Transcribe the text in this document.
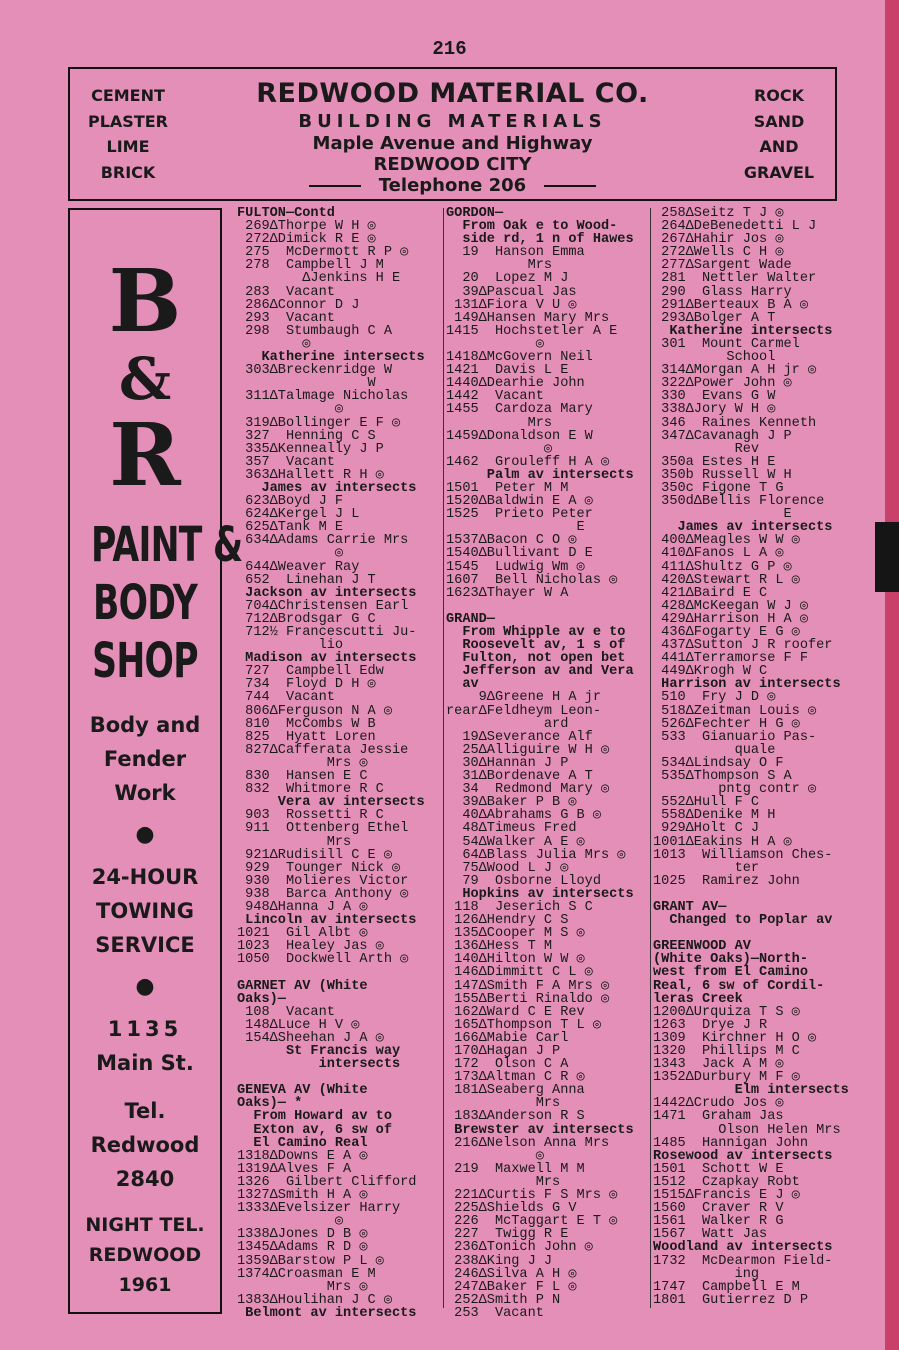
216
CEMENT
PLASTER
LIME
BRICK
REDWOOD MATERIAL CO.
BUILDING MATERIALS
Maple Avenue and Highway
REDWOOD CITY
Telephone 206
ROCK
SAND
AND
GRAVEL
B
&
R
PAINT &
BODY
SHOP
Body and
Fender
Work
●
24-HOUR
TOWING
SERVICE
●
1135
Main St.
Tel. Redwood
2840
NIGHT TEL.
REDWOOD 1961
FULTON—Contd
269ΔThorpe W H ◎
272ΔDimick R E ◎
275  McDermott R P ◎
278  Campbell J M
ΔJenkins H E
283  Vacant
286ΔConnor D J
293  Vacant
298  Stumbaugh C A
◎
Katherine intersects
303ΔBreckenridge W
W
311ΔTalmage Nicholas
◎
319ΔBollinger E F ◎
327  Henning C S
335ΔKenneally J P
357  Vacant
363ΔHallett R H ◎
James av intersects
623ΔBoyd J F
624ΔKergel J L
625ΔTank M E
634ΔAdams Carrie Mrs
◎
644ΔWeaver Ray
652  Linehan J T
Jackson av intersects
704ΔChristensen Earl
712ΔBrodsgar G C
712½ Francescutti Ju-
lio
Madison av intersects
727  Campbell Edw
734  Floyd D H ◎
744  Vacant
806ΔFerguson N A ◎
810  McCombs W B
825  Hyatt Loren
827ΔCafferata Jessie
Mrs ◎
830  Hansen E C
832  Whitmore R C
Vera av intersects
903  Rossetti R C
911  Ottenberg Ethel
Mrs
921ΔRudisill C E ◎
929  Tounger Nick ◎
930  Molieres Victor
938  Barca Anthony ◎
948ΔHanna J A ◎
Lincoln av intersects
1021  Gil Albt ◎
1023  Healey Jas ◎
1050  Dockwell Arth ◎
GARNET AV (White
Oaks)—
108  Vacant
148ΔLuce H V ◎
154ΔSheehan J A ◎
St Francis way
intersects
GENEVA AV (White
Oaks)— *
From Howard av to
Exton av, 6 sw of
El Camino Real
1318ΔDowns E A ◎
1319ΔAlves F A
1326  Gilbert Clifford
1327ΔSmith H A ◎
1333ΔEvelsizer Harry
◎
1338ΔJones D B ◎
1345ΔAdams R D ◎
1359ΔBarstow P L ◎
1374ΔCroasman E M
Mrs ◎
1383ΔHoulihan J C ◎
Belmont av intersects
GORDON—
From Oak e to Wood-
side rd, 1 n of Hawes
19  Hanson Emma
Mrs
20  Lopez M J
39ΔPascual Jas
131ΔFiora V U ◎
149ΔHansen Mary Mrs
1415  Hochstetler A E
◎
1418ΔMcGovern Neil
1421  Davis L E
1440ΔDearhie John
1442  Vacant
1455  Cardoza Mary
Mrs
1459ΔDonaldson E W
◎
1462  Grouleff H A ◎
Palm av intersects
1501  Peter M M
1520ΔBaldwin E A ◎
1525  Prieto Peter
E
1537ΔBacon C O ◎
1540ΔBullivant D E
1545  Ludwig Wm ◎
1607  Bell Nicholas ◎
1623ΔThayer W A
GRAND—
From Whipple av e to
Roosevelt av, 1 s of
Fulton, not open bet
Jefferson av and Vera
av
9ΔGreene H A jr
rearΔFeldheym Leon-
ard
19ΔSeverance Alf
25ΔAlliguire W H ◎
30ΔHannan J P
31ΔBordenave A T
34  Redmond Mary ◎
39ΔBaker P B ◎
40ΔAbrahams G B ◎
48ΔTimeus Fred
54ΔWalker A E ◎
64ΔBlass Julia Mrs ◎
75ΔWood L J ◎
79  Osborne Lloyd
Hopkins av intersects
118  Jeserich S C
126ΔHendry C S
135ΔCooper M S ◎
136ΔHess T M
140ΔHilton W W ◎
146ΔDimmitt C L ◎
147ΔSmith F A Mrs ◎
155ΔBerti Rinaldo ◎
162ΔWard C E Rev
165ΔThompson T L ◎
166ΔMabie Carl
170ΔHagan J P
172  Olson C A
173ΔAltman C R ◎
181ΔSeaberg Anna
Mrs
183ΔAnderson R S
Brewster av intersects
216ΔNelson Anna Mrs
◎
219  Maxwell M M
Mrs
221ΔCurtis F S Mrs ◎
225ΔShields G V
226  McTaggart E T ◎
227  Twigg R E
236ΔTonich John ◎
238ΔKing J J
246ΔSilva A H ◎
247ΔBaker F L ◎
252ΔSmith P N
253  Vacant
258ΔSeitz T J ◎
264ΔDeBenedetti L J
267ΔHahir Jos ◎
272ΔWells C H ◎
277ΔSargent Wade
281  Nettler Walter
290  Glass Harry
291ΔBerteaux B A ◎
293ΔBolger A T
Katherine intersects
301  Mount Carmel
School
314ΔMorgan A H jr ◎
322ΔPower John ◎
330  Evans G W
338ΔJory W H ◎
346  Raines Kenneth
347ΔCavanagh J P
Rev
350a Estes H E
350b Russell W H
350c Figone T G
350dΔBellis Florence
E
James av intersects
400ΔMeagles W W ◎
410ΔFanos L A ◎
411ΔShultz G P ◎
420ΔStewart R L ◎
421ΔBaird E C
428ΔMcKeegan W J ◎
429ΔHarrison H A ◎
436ΔFogarty E G ◎
437ΔSutton J R roofer
441ΔTerramorse F F
449ΔKrogh W C
Harrison av intersects
510  Fry J D ◎
518ΔZeitman Louis ◎
526ΔFechter H G ◎
533  Gianuario Pas-
quale
534ΔLindsay O F
535ΔThompson S A
pntg contr ◎
552ΔHull F C
558ΔDenike M H
929ΔHolt C J
1001ΔEakins H A ◎
1013  Williamson Ches-
ter
1025  Ramirez John
GRANT AV—
Changed to Poplar av
GREENWOOD AV
(White Oaks)—North-
west from El Camino
Real, 6 sw of Cordil-
leras Creek
1200ΔUrquiza T S ◎
1263  Drye J R
1309  Kirchner H O ◎
1320  Phillips M C
1343  Jack A M ◎
1352ΔDurbury M F ◎
Elm intersects
1442ΔCrudo Jos ◎
1471  Graham Jas
Olson Helen Mrs
1485  Hannigan John
Rosewood av intersects
1501  Schott W E
1512  Czapkay Robt
1515ΔFrancis E J ◎
1560  Craver R V
1561  Walker R G
1567  Watt Jas
Woodland av intersects
1732  McDearmon Field-
ing
1747  Campbell E M
1801  Gutierrez D P
